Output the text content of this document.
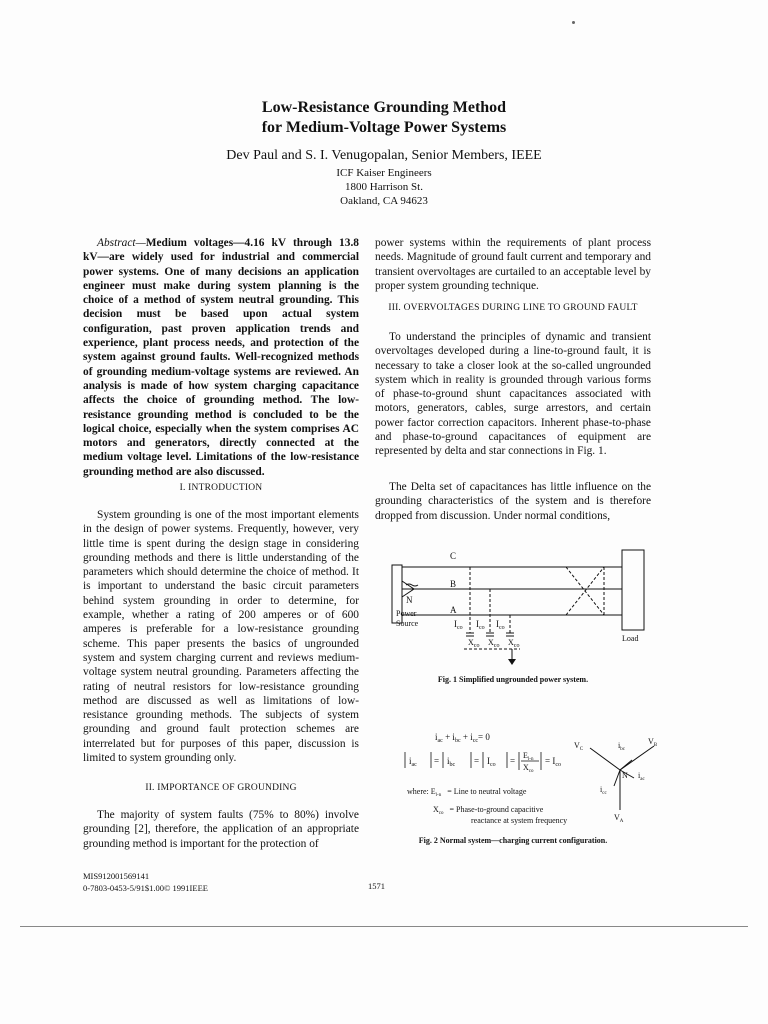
Low-Resistance Grounding Method
for Medium-Voltage Power Systems
Dev Paul and S. I. Venugopalan, Senior Members, IEEE
ICF Kaiser Engineers
1800 Harrison St.
Oakland, CA 94623

Abstract—Medium voltages—4.16 kV through 13.8 kV—are widely used for industrial and commercial power systems. One of many decisions an application engineer must make during system planning is the choice of a method of system neutral grounding. This decision must be based upon actual system configuration, past proven application trends and experience, plant process needs, and protection of the system against ground faults. Well-recognized methods of grounding medium-voltage systems are reviewed. An analysis is made of how system charging capacitance affects the choice of grounding method. The low-resistance grounding method is concluded to be the logical choice, especially when the system comprises AC motors and generators, directly connected at the medium voltage level. Limitations of the low-resistance grounding method are also discussed.

I. INTRODUCTION

System grounding is one of the most important elements in the design of power systems. Frequently, however, very little time is spent during the design stage in considering grounding methods and there is little understanding of the parameters which should determine the choice of method. It is important to understand the basic circuit parameters behind system grounding in order to determine, for example, whether a rating of 200 amperes or of 600 amperes is preferable for a low-resistance grounding scheme. This paper presents the basics of ungrounded system and system charging current and reviews medium-voltage system neutral grounding. Parameters affecting the rating of neutral resistors for low-resistance grounding method are discussed as well as limitations of low-resistance grounding methods. The subjects of system grounding and ground fault protection schemes are interrelated but for purposes of this paper, discussion is limited to system grounding only.

II. IMPORTANCE OF GROUNDING

The majority of system faults (75% to 80%) involve grounding [2], therefore, the application of an appropriate grounding method is important for the protection of

power systems within the requirements of plant process needs. Magnitude of ground fault current and temporary and transient overvoltages are curtailed to an acceptable level by proper system grounding technique.

III. OVERVOLTAGES DURING LINE TO GROUND FAULT

To understand the principles of dynamic and transient overvoltages developed during a line-to-ground fault, it is necessary to take a closer look at the so-called ungrounded system which in reality is grounded through various forms of phase-to-ground shunt capacitances associated with motors, generators, cables, surge arrestors, and certain power factor correction capacitors. Inherent phase-to-phase and phase-to-ground capacitances of equipment are represented by delta and star connections in Fig. 1.

The Delta set of capacitances has little influence on the grounding characteristics of the system and is therefore dropped from discussion. Under normal conditions,

C
B
A
N
Power
Source
Load
$I_{co}$ $I_{co}$ $I_{co}$
$X_{co}$ $X_{co}$ $X_{co}$
Fig. 1 Simplified ungrounded power system.
$i_{ac} + i_{bc} + i_{cc}= 0$
$i_{ac} = i_{bc} = I_{co}$ =
$E_{l-n}$
$X_{co}$
= $I_{co}$
where: $E_{l-n}$ = Line to neutral voltage
$X_{co}$ = Phase-to-ground capacitive
reactance at system frequency
$V_C$
$V_B$
$V_A$
$i_{bc}$
$i_{ac}$
$i_{cc}$
N
Fig. 2 Normal system—charging current configuration.
MIS912001569141
0-7803-0453-5/91$1.00© 1991IEEE	1571
